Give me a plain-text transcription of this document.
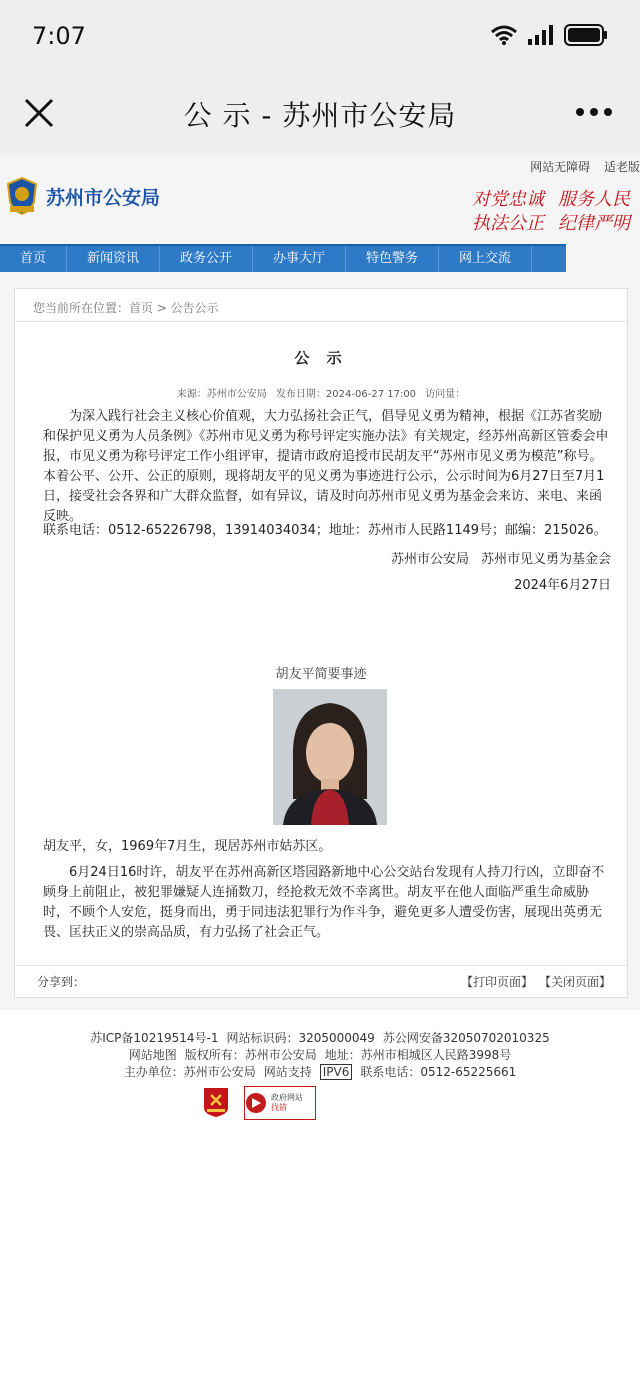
7:07
公 示 - 苏州市公安局
网站无障碍 适老版
苏州市公安局	对党忠诚 服务人民
执法公正 纪律严明
首页	新闻资讯	政务公开	办事大厅	特色警务	网上交流
您当前所在位置：首页 > 公告公示
公 示
来源：苏州市公安局 发布日期：2024-06-27 17:00 访问量：
为深入践行社会主义核心价值观，大力弘扬社会正气，倡导见义勇为精神，根据《江苏省奖励和保护见义勇为人员条例》《苏州市见义勇为称号评定实施办法》有关规定，经苏州高新区管委会申报，市见义勇为称号评定工作小组评审，提请市政府追授市民胡友平“苏州市见义勇为模范”称号。本着公平、公开、公正的原则，现将胡友平的见义勇为事迹进行公示，公示时间为6月27日至7月1日，接受社会各界和广大群众监督，如有异议，请及时向苏州市见义勇为基金会来访、来电、来函反映。
联系电话：0512-65226798，13914034034；地址：苏州市人民路1149号；邮编：215026。
苏州市公安局 苏州市见义勇为基金会
2024年6月27日
胡友平简要事迹
胡友平，女，1969年7月生，现居苏州市姑苏区。
6月24日16时许，胡友平在苏州高新区塔园路新地中心公交站台发现有人持刀行凶，立即奋不顾身上前阻止，被犯罪嫌疑人连捅数刀，经抢救无效不幸离世。胡友平在他人面临严重生命威胁时，不顾个人安危，挺身而出，勇于同违法犯罪行为作斗争，避免更多人遭受伤害，展现出英勇无畏、匡扶正义的崇高品质，有力弘扬了社会正气。
分享到：	【打印页面】 【关闭页面】
苏ICP备10219514号-1 网站标识码：3205000049 苏公网安备32050702010325
网站地图 版权所有：苏州市公安局 地址：苏州市相城区人民路3998号
主办单位：苏州市公安局 网站支持 IPV6 联系电话：0512-65225661
政府网站
找错
